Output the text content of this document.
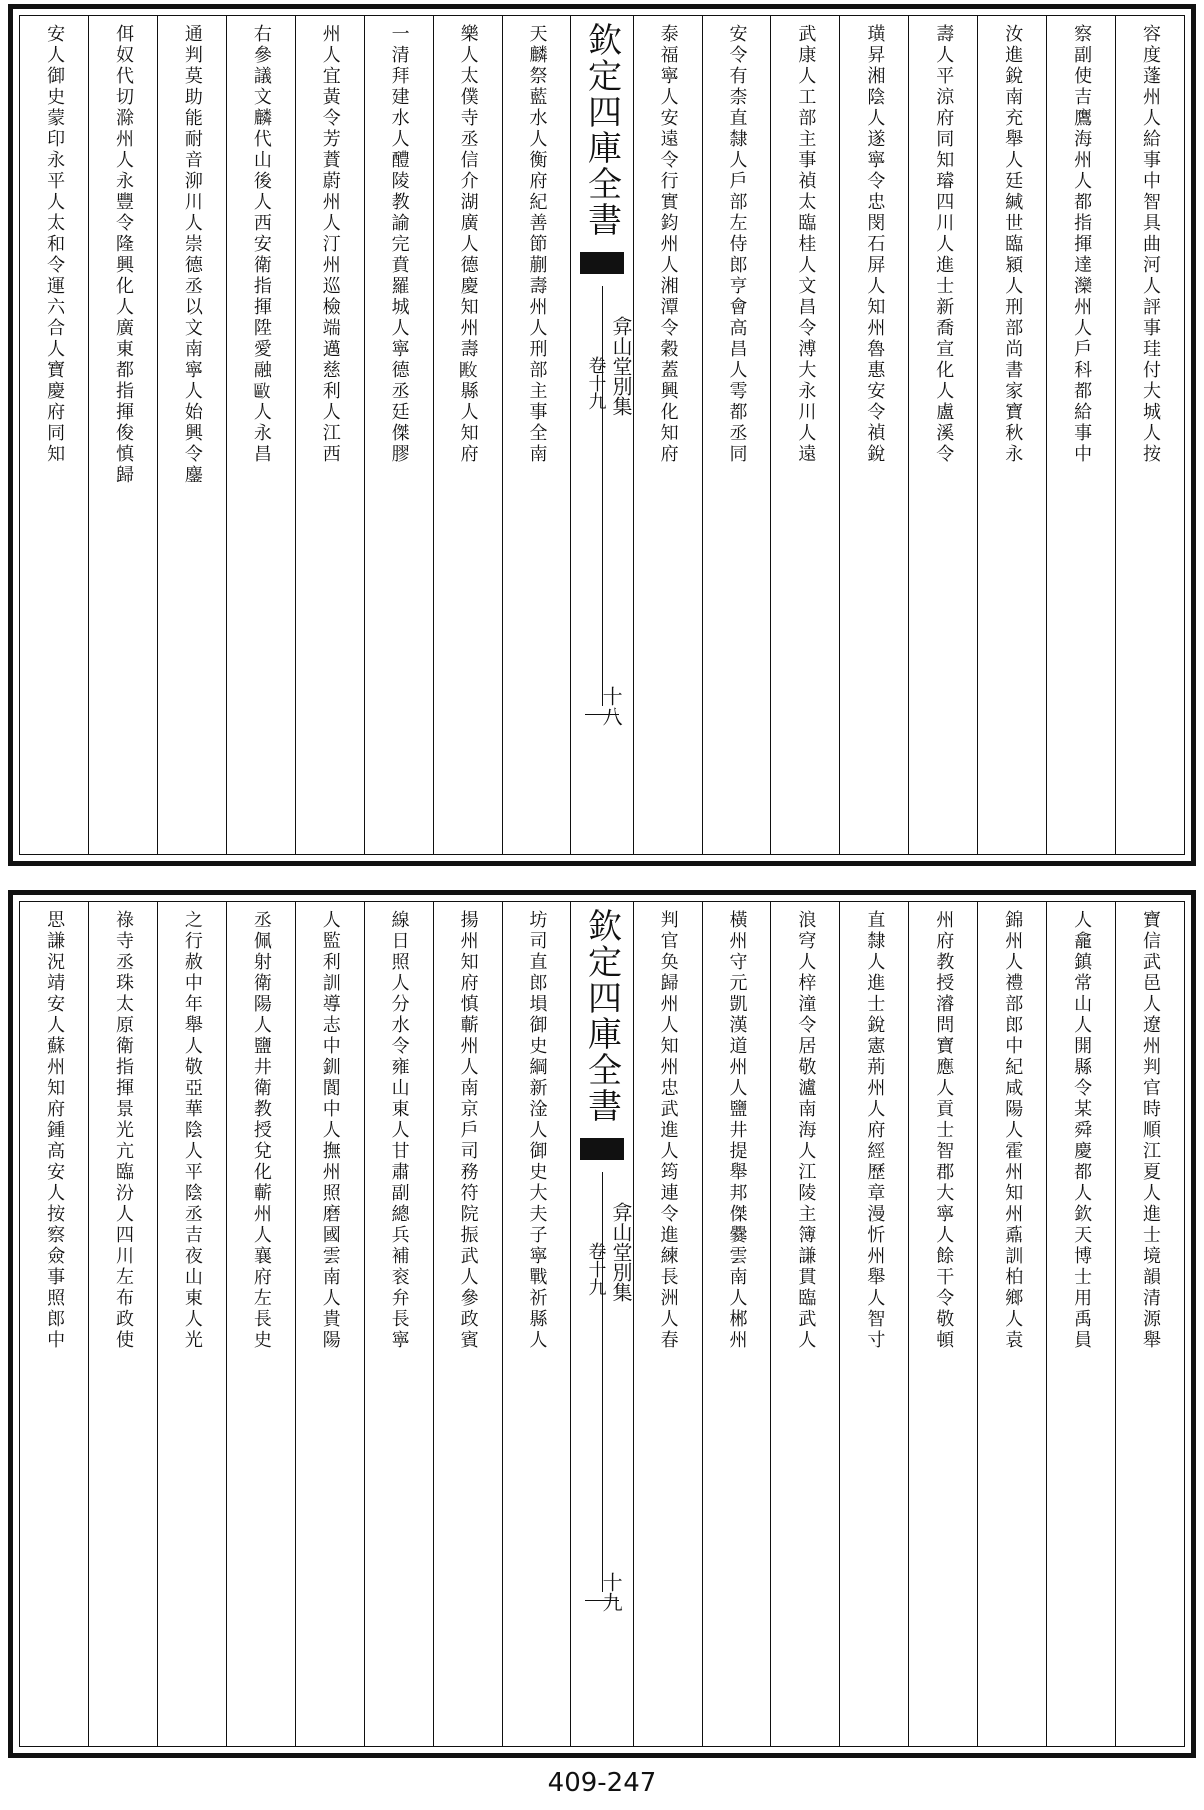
容度蓬州人給事中智具曲河人評事珪付大城人按
察副使吉鷹海州人都指揮達灤州人戶科都給事中
汝進銳南充舉人廷緘世臨潁人刑部尚書家寶秋永
壽人平涼府同知璿四川人進士新喬宣化人盧溪令
璜昇湘陰人遂寧令忠閔石屏人知州魯惠安令禎銳
武康人工部主事禎太臨桂人文昌令溥大永川人遠
安令有柰直隸人戶部左侍郎亨會高昌人雩都丞同
泰福寧人安遠令行實鈞州人湘潭令穀蓋興化知府
欽定四庫全書
弇山堂別集
卷十九
十八
天麟祭藍水人衡府紀善節蒯壽州人刑部主事全南
樂人太僕寺丞信介湖廣人德慶知州壽𢾺縣人知府
一清拜建水人醴陵教諭完賁羅城人寧德丞廷傑膠
州人宜黃令芳蕡蔚州人汀州巡檢端邁慈利人江西
右參議文麟代山後人西安衛指揮陞愛融𢿛人永昌
通判莫助能耐音泖川人崇德丞以文南寧人始興令鏖
佴奴代切滁州人永豐令隆興化人廣東都指揮俊慎歸
安人御史蒙印永平人太和令運六合人寶慶府同知
寶信武邑人遼州判官時順江夏人進士境韻清源舉
人龕鎮常山人開縣令某舜慶都人欽天博士用禹員
錦州人禮部郎中紀咸陽人霍州知州鼒訓柏鄉人袁
州府教授濬問寶應人貢士智郡大寧人餘干令敬頓
直隸人進士銳憲荊州人府經歷章漫忻州舉人智寸
浪穹人梓潼令居敬瀘南海人江陵主簿謙貫臨武人
橫州守元凱漢道州人鹽井提舉邦傑爨雲南人郴州
判官奂歸州人知州忠武進人筠連令進練長洲人春
欽定四庫全書
弇山堂別集
卷十九
十九
坊司直郎塤御史綱新淦人御史大夫子寧戰祈縣人
揚州知府慎蘄州人南京戶司務符院振武人參政賓
線日照人分水令雍山東人甘肅副總兵補衮弁長寧
人監利訓導志中釧閬中人撫州照磨國雲南人貴陽
丞佩射衛陽人鹽井衛教授兌化蘄州人襄府左長史
之行赦中年舉人敬亞華陰人平陰丞吉夜山東人光
祿寺丞珠太原衛指揮景光亢臨汾人四川左布政使
思謙況靖安人蘇州知府鍾高安人按察僉事照郎中
409-247
